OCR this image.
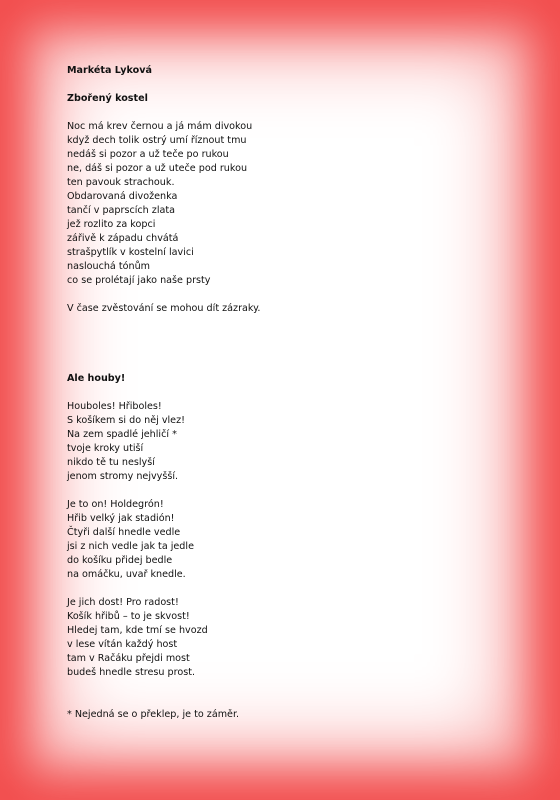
Markéta Lyková
Zbořený kostel
Noc má krev černou a já mám divokou
když dech tolik ostrý umí říznout tmu
nedáš si pozor a už teče po rukou
ne, dáš si pozor a už uteče pod rukou
ten pavouk strachouk.
Obdarovaná divoženka
tančí v paprscích zlata
jež rozlito za kopci
zářivě k západu chvátá
strašpytlík v kostelní lavici
naslouchá tónům
co se prolétají jako naše prsty
V čase zvěstování se mohou dít zázraky.
Ale houby!
Houboles! Hřiboles!
S košíkem si do něj vlez!
Na zem spadlé jehličí *
tvoje kroky utiší
nikdo tě tu neslyší
jenom stromy nejvyšší.
Je to on! Holdegrón!
Hřib velký jak stadión!
Čtyři další hnedle vedle
jsi z nich vedle jak ta jedle
do košíku přidej bedle
na omáčku, uvař knedle.
Je jich dost! Pro radost!
Košík hřibů – to je skvost!
Hledej tam, kde tmí se hvozd
v lese vítán každý host
tam v Račáku přejdi most
budeš hnedle stresu prost.
* Nejedná se o překlep, je to záměr.
